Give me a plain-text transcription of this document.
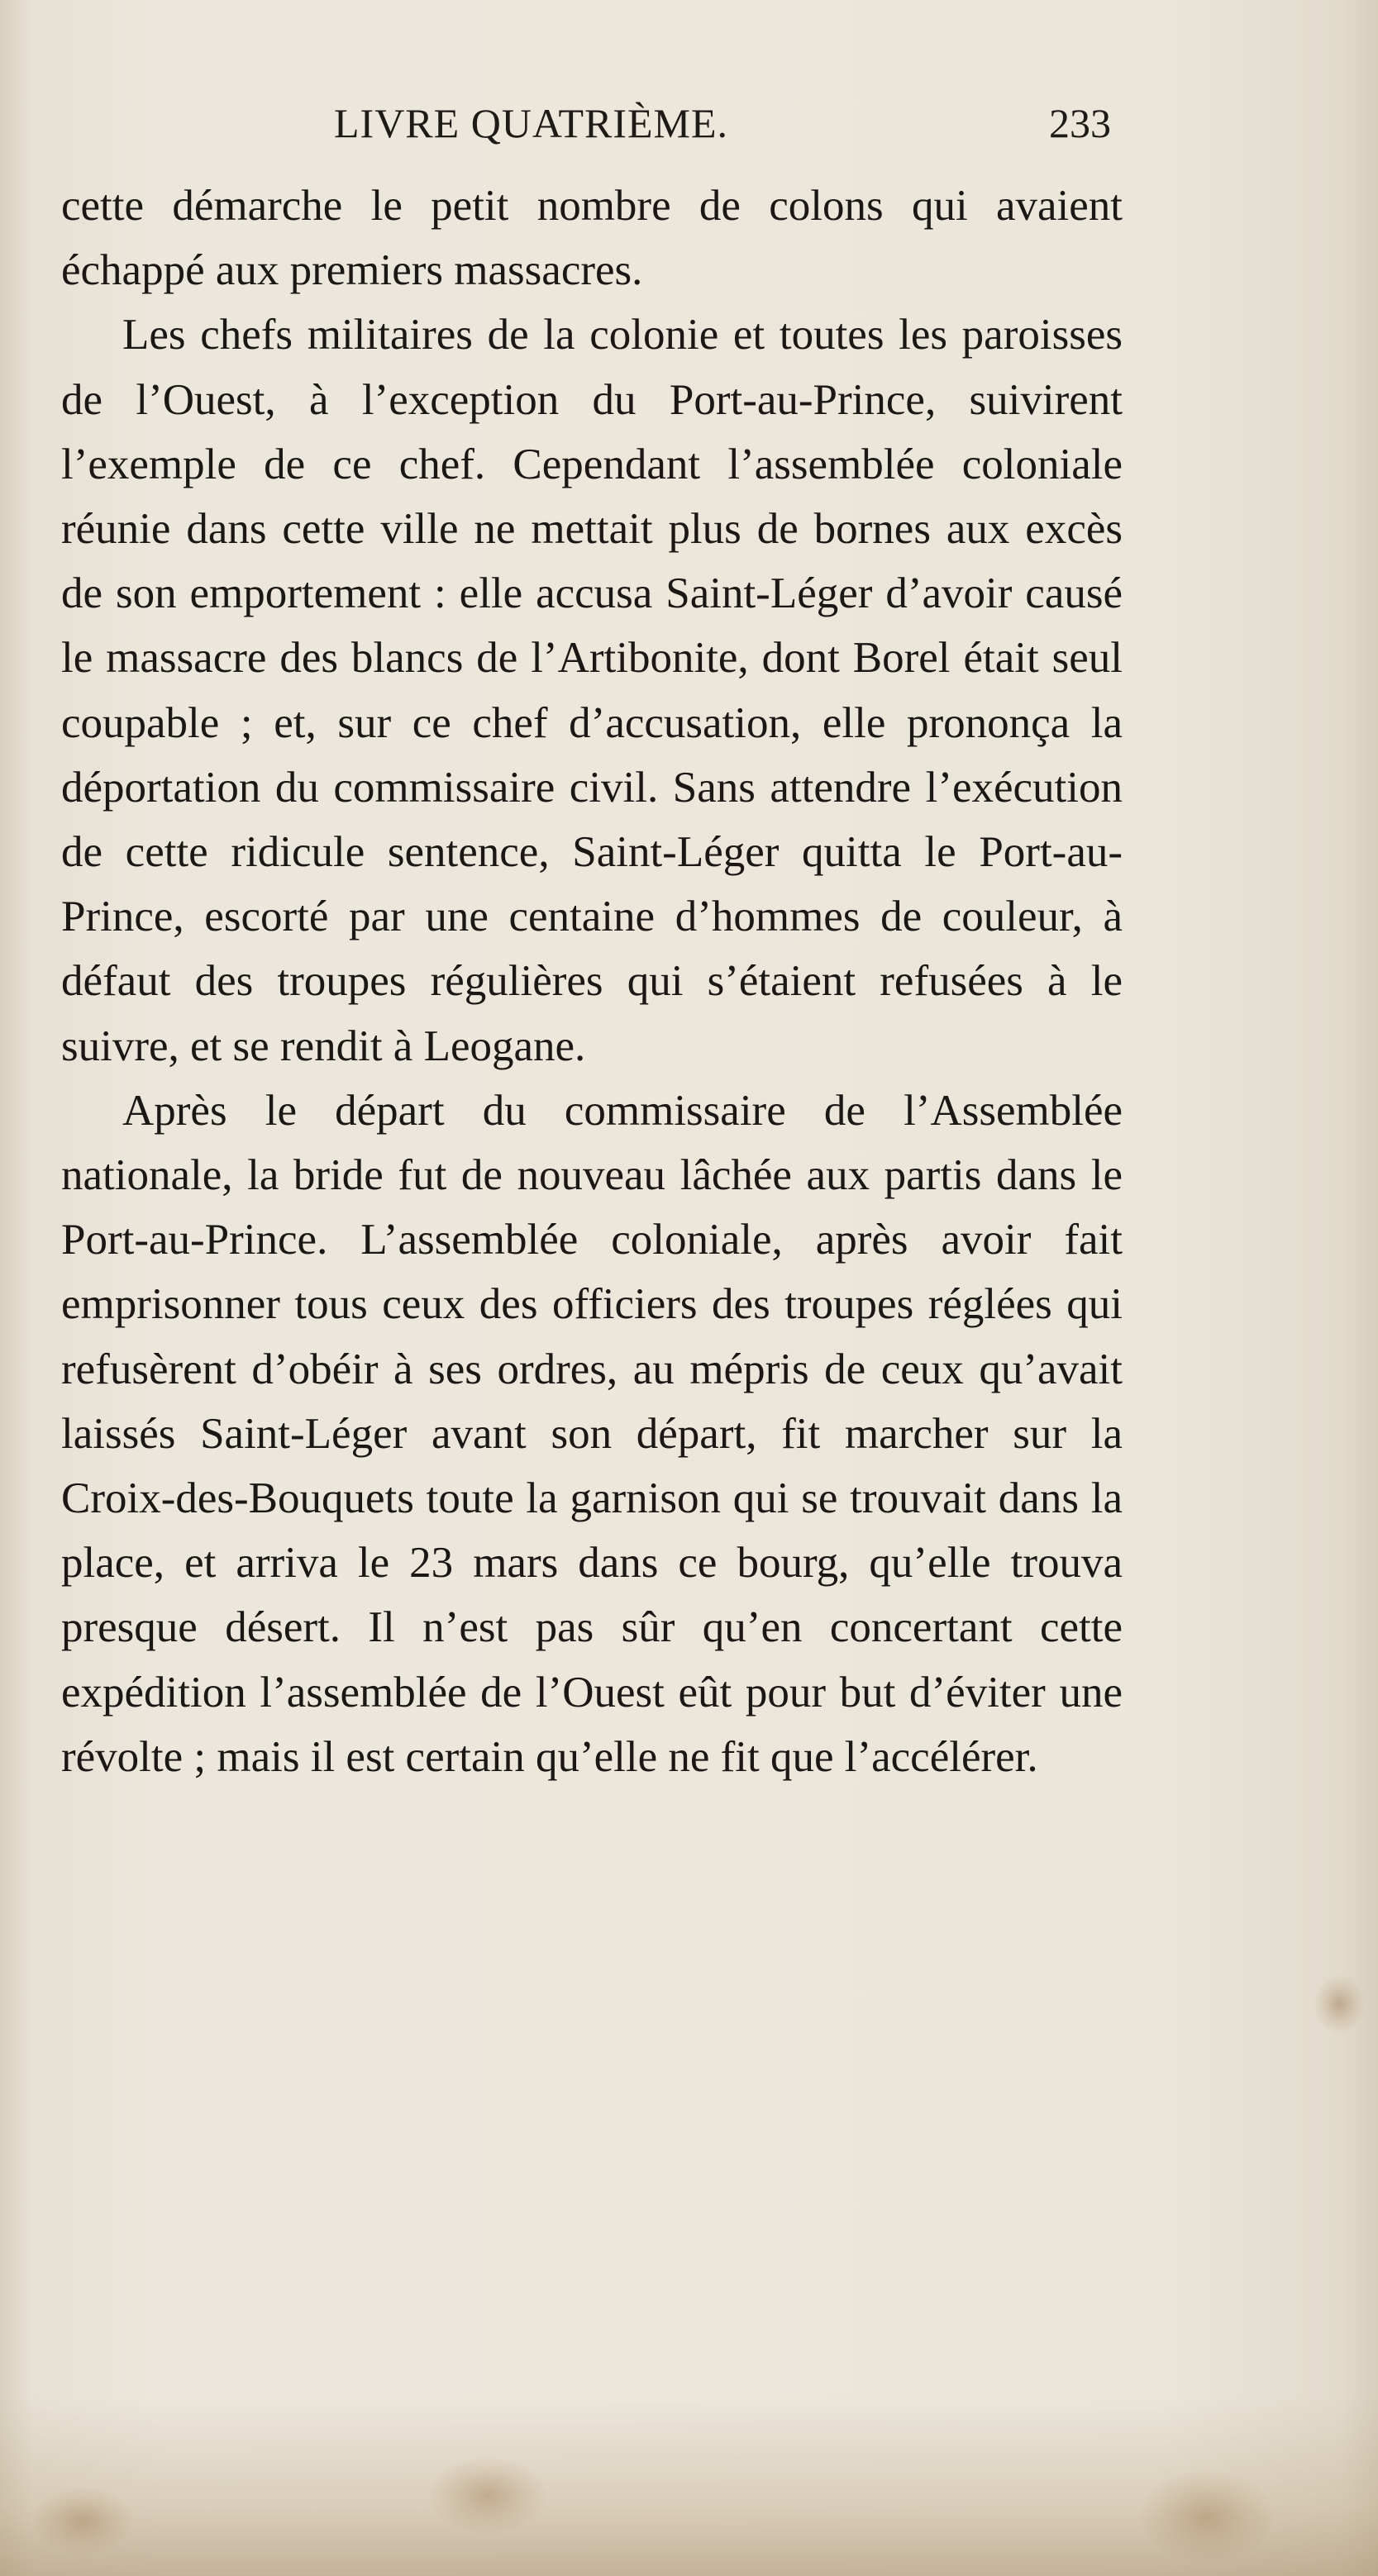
LIVRE QUATRIÈME.	233

cette démarche le petit nombre de colons qui avaient échappé aux premiers massacres.

Les chefs militaires de la colonie et toutes les paroisses de l’Ouest, à l’exception du Port-au-Prince, suivirent l’exemple de ce chef. Cependant l’assemblée coloniale réunie dans cette ville ne mettait plus de bornes aux excès de son emportement : elle accusa Saint-Léger d’avoir causé le massacre des blancs de l’Artibonite, dont Borel était seul coupable ; et, sur ce chef d’accusation, elle prononça la déportation du commissaire civil. Sans attendre l’exécution de cette ridicule sentence, Saint-Léger quitta le Port-au-Prince, escorté par une centaine d’hommes de couleur, à défaut des troupes régulières qui s’étaient refusées à le suivre, et se rendit à Leogane.

Après le départ du commissaire de l’Assemblée nationale, la bride fut de nouveau lâchée aux partis dans le Port-au-Prince. L’assemblée coloniale, après avoir fait emprisonner tous ceux des officiers des troupes réglées qui refusèrent d’obéir à ses ordres, au mépris de ceux qu’avait laissés Saint-Léger avant son départ, fit marcher sur la Croix-des-Bouquets toute la garnison qui se trouvait dans la place, et arriva le 23 mars dans ce bourg, qu’elle trouva presque désert. Il n’est pas sûr qu’en concertant cette expédition l’assemblée de l’Ouest eût pour but d’éviter une révolte ; mais il est certain qu’elle ne fit que l’accélérer.
